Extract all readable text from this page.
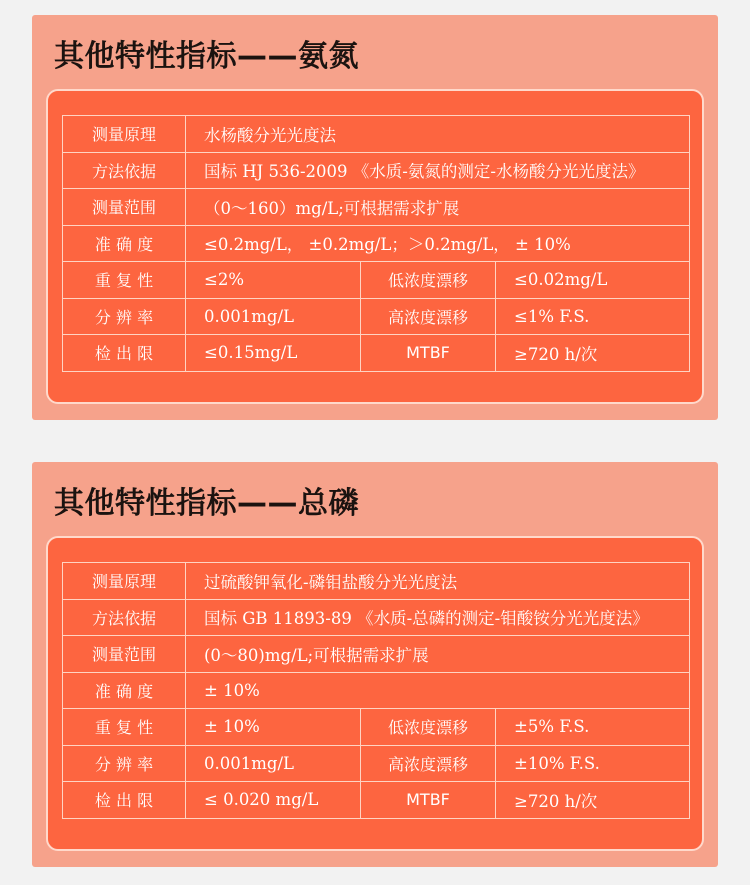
其他特性指标——氨氮
测量原理	水杨酸分光光度法		
方法依据	国标 HJ 536-2009 《水质-氨氮的测定-水杨酸分光光度法》		
测量范围	（0～160）mg/L;可根据需求扩展		
准 确 度	≤0.2mg/L， ±0.2mg/L；＞0.2mg/L， ± 10%		
重 复 性	≤2%	低浓度漂移	≤0.02mg/L
分 辨 率	0.001mg/L	高浓度漂移	≤1% F.S.
检 出 限	≤0.15mg/L	MTBF	≥720 h/次
其他特性指标——总磷
测量原理	过硫酸钾氧化-磷钼盐酸分光光度法		
方法依据	国标 GB 11893-89 《水质-总磷的测定-钼酸铵分光光度法》		
测量范围	(0～80)mg/L;可根据需求扩展		
准 确 度	± 10%		
重 复 性	± 10%	低浓度漂移	±5% F.S.
分 辨 率	0.001mg/L	高浓度漂移	±10% F.S.
检 出 限	≤ 0.020 mg/L	MTBF	≥720 h/次
